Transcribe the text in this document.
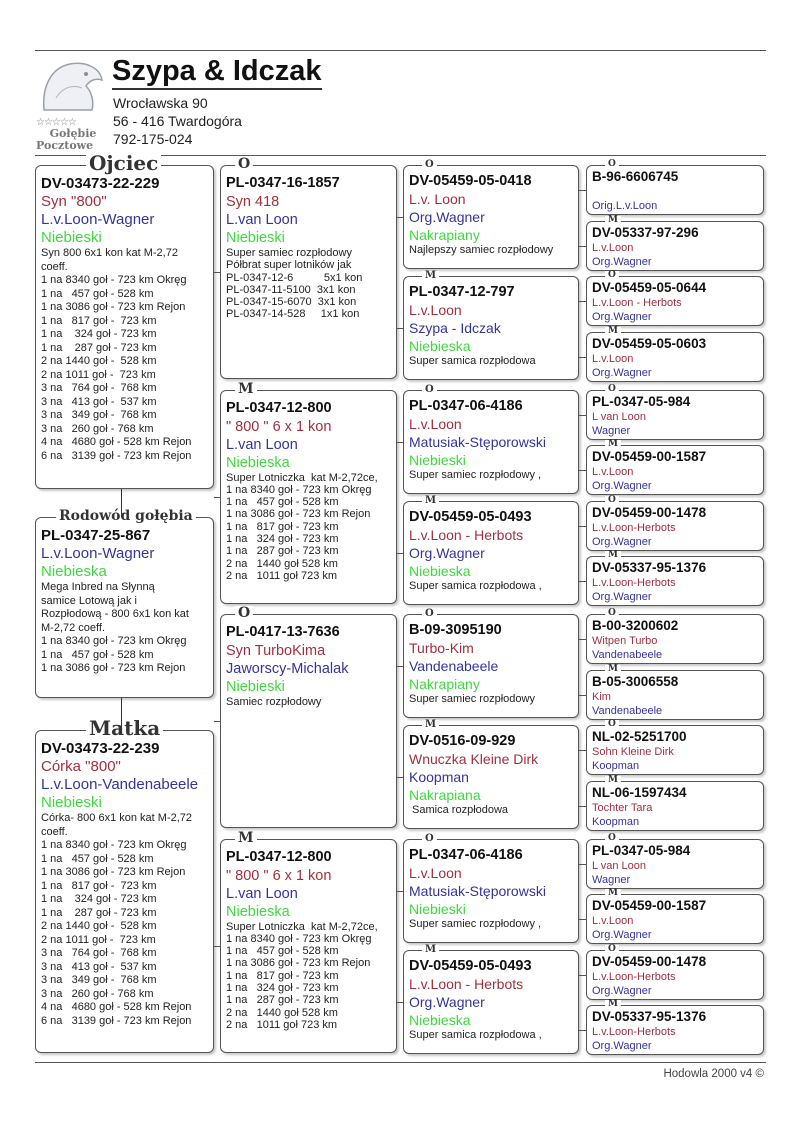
☆☆☆☆☆
Gołębie
Pocztowe
Szypa & Idczak
Wrocławska 90
56 - 416 Twardogóra
792-175-024
Ojciec
DV-03473-22-229
Syn "800"
L.v.Loon-Wagner
Niebieski
Syn 800 6x1 kon kat M-2,72
coeff.
1 na 8340 goł - 723 km Okręg
1 na   457 goł - 528 km
1 na 3086 goł - 723 km Rejon
1 na   817 goł -  723 km
1 na    324 goł - 723 km
1 na    287 goł - 723 km
2 na 1440 goł -  528 km
2 na 1011 goł -  723 km
3 na   764 goł -  768 km
3 na   413 goł -  537 km
3 na   349 goł -  768 km
3 na   260 goł - 768 km
4 na   4680 goł - 528 km Rejon
6 na   3139 goł - 723 km Rejon
Rodowód gołębia
PL-0347-25-867
L.v.Loon-Wagner
Niebieska
Mega Inbred na Słynną
samice Lotową jak i
Rozpłodową - 800 6x1 kon kat
M-2,72 coeff.
1 na 8340 goł - 723 km Okręg
1 na   457 goł - 528 km
1 na 3086 goł - 723 km Rejon
Matka
DV-03473-22-239
Córka "800"
L.v.Loon-Vandenabeele
Niebieski
Córka- 800 6x1 kon kat M-2,72
coeff.
1 na 8340 goł - 723 km Okręg
1 na   457 goł - 528 km
1 na 3086 goł - 723 km Rejon
1 na   817 goł -  723 km
1 na    324 goł - 723 km
1 na    287 goł - 723 km
2 na 1440 goł -  528 km
2 na 1011 goł -  723 km
3 na   764 goł -  768 km
3 na   413 goł -  537 km
3 na   349 goł -  768 km
3 na   260 goł - 768 km
4 na   4680 goł - 528 km Rejon
6 na   3139 goł - 723 km Rejon
O
PL-0347-16-1857
Syn 418
L.van Loon
Niebieski
Super samiec rozpłodowy
Półbrat super lotników jak
PL-0347-12-6          5x1 kon
PL-0347-11-5100  3x1 kon
PL-0347-15-6070  3x1 kon
PL-0347-14-528     1x1 kon
M
PL-0347-12-800
" 800 " 6 x 1 kon
L.van Loon
Niebieska
Super Lotniczka  kat M-2,72ce,
1 na 8340 goł - 723 km Okręg
1 na   457 goł - 528 km
1 na 3086 goł - 723 km Rejon
1 na   817 goł - 723 km
1 na   324 goł - 723 km
1 na   287 goł - 723 km
2 na   1440 goł 528 km
2 na   1011 goł 723 km
O
PL-0417-13-7636
Syn TurboKima
Jaworscy-Michalak
Niebieski
Samiec rozpłodowy
M
PL-0347-12-800
" 800 " 6 x 1 kon
L.van Loon
Niebieska
Super Lotniczka  kat M-2,72ce,
1 na 8340 goł - 723 km Okręg
1 na   457 goł - 528 km
1 na 3086 goł - 723 km Rejon
1 na   817 goł - 723 km
1 na   324 goł - 723 km
1 na   287 goł - 723 km
2 na   1440 goł 528 km
2 na   1011 goł 723 km
O
DV-05459-05-0418
L.v. Loon
Org.Wagner
Nakrapiany
Najlepszy samiec rozpłodowy
M
PL-0347-12-797
L.v.Loon
Szypa - Idczak
Niebieska
Super samica rozpłodowa
O
PL-0347-06-4186
L.v.Loon
Matusiak-Stęporowski
Niebieski
Super samiec rozpłodowy ,
M
DV-05459-05-0493
L.v.Loon - Herbots
Org.Wagner
Niebieska
Super samica rozpłodowa ,
O
B-09-3095190
Turbo-Kim
Vandenabeele
Nakrapiany
Super samiec rozpłodowy
M
DV-0516-09-929
Wnuczka Kleine Dirk
Koopman
Nakrapiana
Samica rozpłodowa
O
PL-0347-06-4186
L.v.Loon
Matusiak-Stęporowski
Niebieski
Super samiec rozpłodowy ,
M
DV-05459-05-0493
L.v.Loon - Herbots
Org.Wagner
Niebieska
Super samica rozpłodowa ,
O
B-96-6606745
Orig.L.v.Loon
M
DV-05337-97-296
L.v.Loon
Org.Wagner
O
DV-05459-05-0644
L.v.Loon - Herbots
Org.Wagner
M
DV-05459-05-0603
L.v.Loon
Org.Wagner
O
PL-0347-05-984
L van Loon
Wagner
M
DV-05459-00-1587
L.v.Loon
Org.Wagner
O
DV-05459-00-1478
L.v.Loon-Herbots
Org.Wagner
M
DV-05337-95-1376
L.v.Loon-Herbots
Org.Wagner
O
B-00-3200602
Witpen Turbo
Vandenabeele
M
B-05-3006558
Kim
Vandenabeele
O
NL-02-5251700
Sohn Kleine Dirk
Koopman
M
NL-06-1597434
Tochter Tara
Koopman
O
PL-0347-05-984
L van Loon
Wagner
M
DV-05459-00-1587
L.v.Loon
Org.Wagner
O
DV-05459-00-1478
L.v.Loon-Herbots
Org.Wagner
M
DV-05337-95-1376
L.v.Loon-Herbots
Org.Wagner
Hodowla 2000 v4 ©
